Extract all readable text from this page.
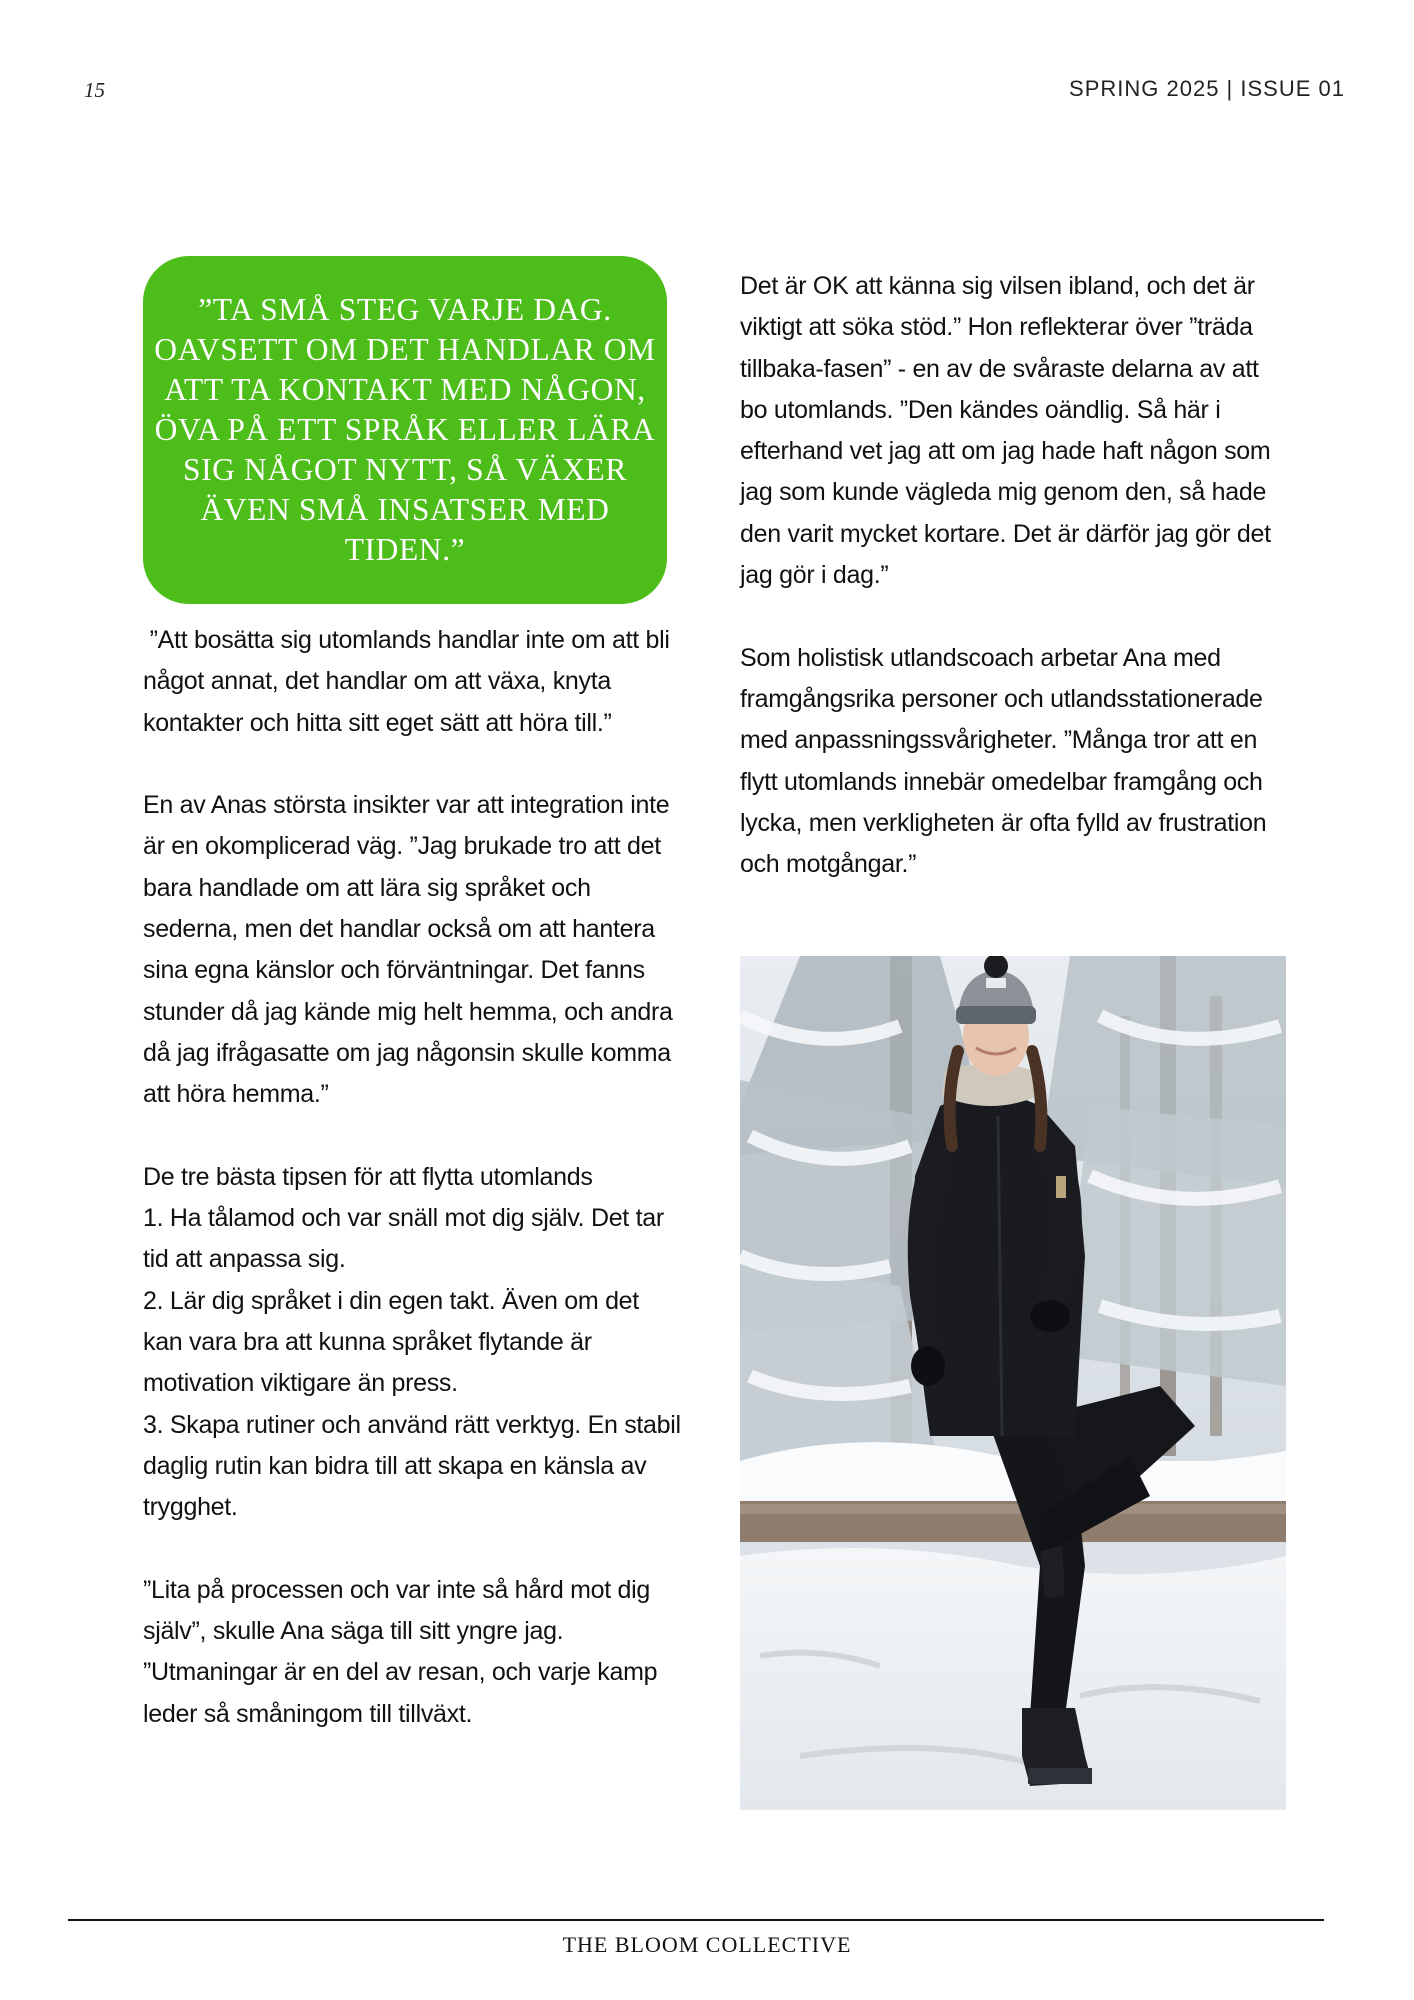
15	SPRING 2025 | ISSUE 01

”TA SMÅ STEG VARJE DAG. OAVSETT OM DET HANDLAR OM ATT TA KONTAKT MED NÅGON, ÖVA PÅ ETT SPRÅK ELLER LÄRA SIG NÅGOT NYTT, SÅ VÄXER ÄVEN SMÅ INSATSER MED TIDEN.”

”Att bosätta sig utomlands handlar inte om att bli något annat, det handlar om att växa, knyta kontakter och hitta sitt eget sätt att höra till.”

En av Anas största insikter var att integration inte är en okomplicerad väg. ”Jag brukade tro att det bara handlade om att lära sig språket och sederna, men det handlar också om att hantera sina egna känslor och förväntningar. Det fanns stunder då jag kände mig helt hemma, och andra då jag ifrågasatte om jag någonsin skulle komma att höra hemma.”

De tre bästa tipsen för att flytta utomlands
1. Ha tålamod och var snäll mot dig själv. Det tar tid att anpassa sig.
2. Lär dig språket i din egen takt. Även om det kan vara bra att kunna språket flytande är motivation viktigare än press.
3. Skapa rutiner och använd rätt verktyg. En stabil daglig rutin kan bidra till att skapa en känsla av trygghet.

”Lita på processen och var inte så hård mot dig själv”, skulle Ana säga till sitt yngre jag. ”Utmaningar är en del av resan, och varje kamp leder så småningom till tillväxt.

Det är OK att känna sig vilsen ibland, och det är viktigt att söka stöd.” Hon reflekterar över ”träda tillbaka-fasen” - en av de svåraste delarna av att bo utomlands. ”Den kändes oändlig. Så här i efterhand vet jag att om jag hade haft någon som jag som kunde vägleda mig genom den, så hade den varit mycket kortare. Det är därför jag gör det jag gör i dag.”

Som holistisk utlandscoach arbetar Ana med framgångsrika personer och utlandsstationerade med anpassningssvårigheter. ”Många tror att en flytt utomlands innebär omedelbar framgång och lycka, men verkligheten är ofta fylld av frustration och motgångar.”

THE BLOOM COLLECTIVE
